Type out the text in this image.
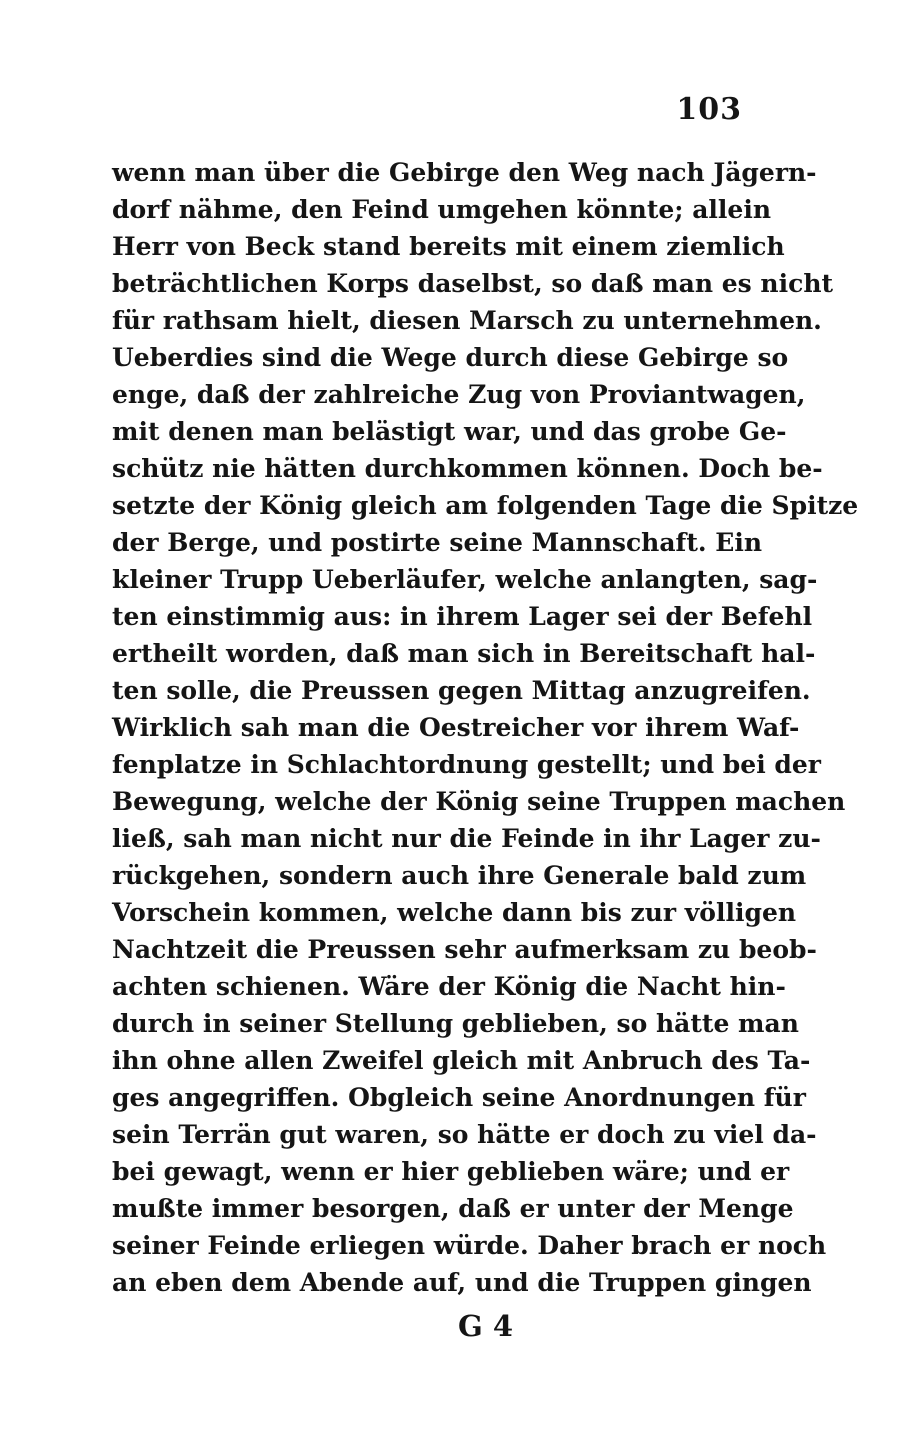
103
wenn man über die Gebirge den Weg nach Jägern-
dorf nähme, den Feind umgehen könnte; allein
Herr von Beck stand bereits mit einem ziemlich
beträchtlichen Korps daselbst, so daß man es nicht
für rathsam hielt, diesen Marsch zu unternehmen.
Ueberdies sind die Wege durch diese Gebirge so
enge, daß der zahlreiche Zug von Proviantwagen,
mit denen man belästigt war, und das grobe Ge-
schütz nie hätten durchkommen können. Doch be-
setzte der König gleich am folgenden Tage die Spitze
der Berge, und postirte seine Mannschaft. Ein
kleiner Trupp Ueberläufer, welche anlangten, sag-
ten einstimmig aus: in ihrem Lager sei der Befehl
ertheilt worden, daß man sich in Bereitschaft hal-
ten solle, die Preussen gegen Mittag anzugreifen.
Wirklich sah man die Oestreicher vor ihrem Waf-
fenplatze in Schlachtordnung gestellt; und bei der
Bewegung, welche der König seine Truppen machen
ließ, sah man nicht nur die Feinde in ihr Lager zu-
rückgehen, sondern auch ihre Generale bald zum
Vorschein kommen, welche dann bis zur völligen
Nachtzeit die Preussen sehr aufmerksam zu beob-
achten schienen. Wäre der König die Nacht hin-
durch in seiner Stellung geblieben, so hätte man
ihn ohne allen Zweifel gleich mit Anbruch des Ta-
ges angegriffen. Obgleich seine Anordnungen für
sein Terrän gut waren, so hätte er doch zu viel da-
bei gewagt, wenn er hier geblieben wäre; und er
mußte immer besorgen, daß er unter der Menge
seiner Feinde erliegen würde. Daher brach er noch
an eben dem Abende auf, und die Truppen gingen
G 4
